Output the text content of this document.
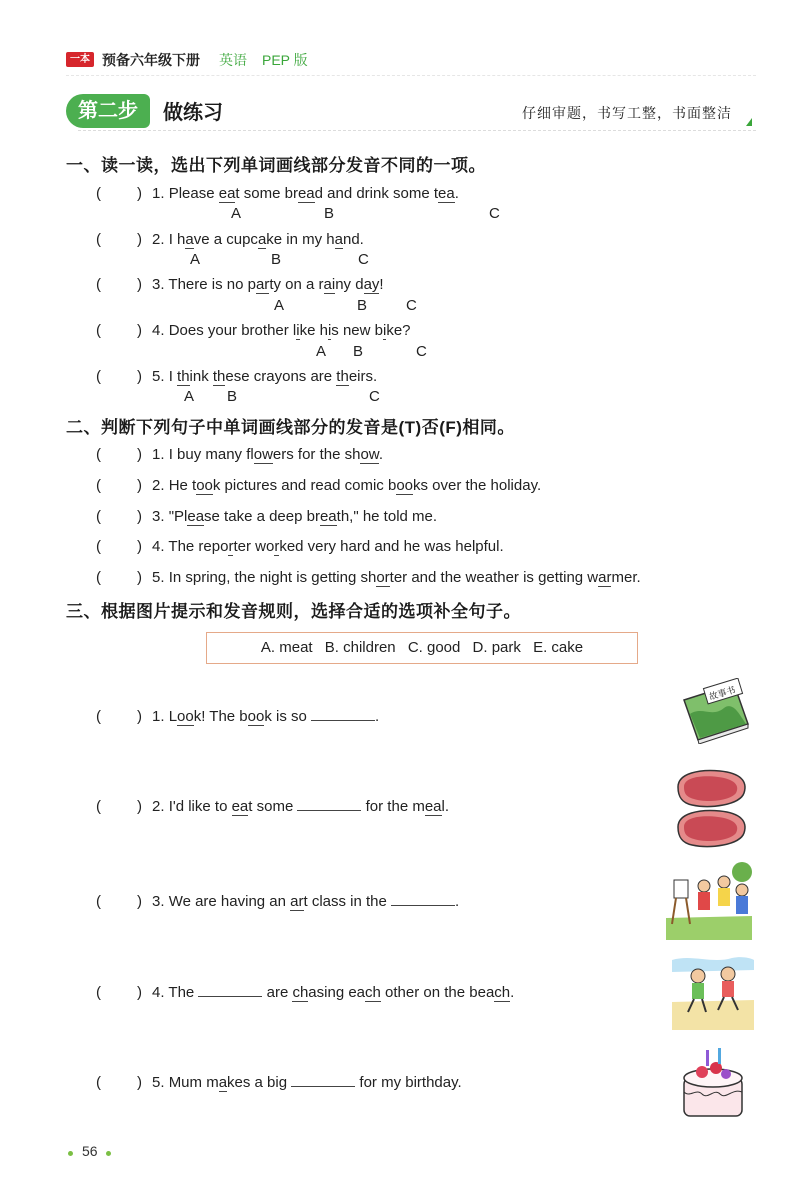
一本 预备六年级下册 英语 PEP 版
第二步	做练习	仔细审题，书写工整，书面整洁
一、读一读，选出下列单词画线部分发音不同的一项。
(
)
1. Please eat some bread and drink some tea.
A	B	C
(
)
2. I have a cupcake in my hand.
A	B	C
(
)
3. There is no party on a rainy day!
A	B	C
(
)
4. Does your brother like his new bike?
A B	C
(
)
5. I think these crayons are theirs.
A B	C
二、判断下列句子中单词画线部分的发音是(T)否(F)相同。
(
)
1. I buy many flowers for the show.
(
)
2. He took pictures and read comic books over the holiday.
(
)
3. "Please take a deep breath," he told me.
(
)
4. The reporter worked very hard and he was helpful.
(
)
5. In spring, the night is getting shorter and the weather is getting warmer.
三、根据图片提示和发音规则，选择合适的选项补全句子。
A. meat B. children C. good D. park E. cake
(
)
1. Look! The book is so	.
(
)
2. I'd like to eat some	for the meal.
(
)
3. We are having an art class in the	.
(
)
4. The	are chasing each other on the beach.
(
)
5. Mum makes a big	for my birthday.
故事书
56
